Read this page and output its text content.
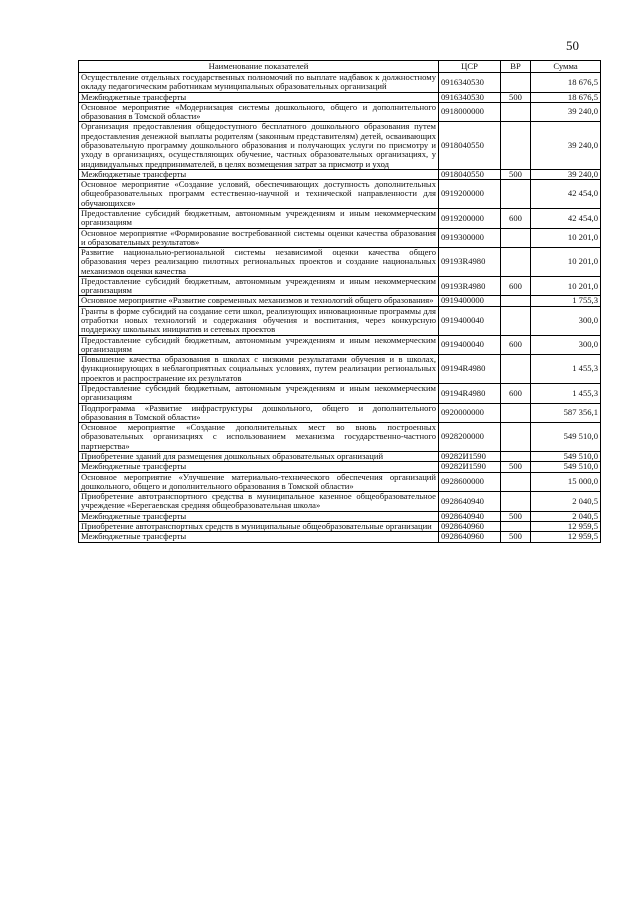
50
Наименование показателей	ЦСР	ВР	Сумма
Осуществление отдельных государственных полномочий по выплате надбавок к должностному окладу педагогическим работникам муниципальных образовательных организаций	0916340530		18 676,5
Межбюджетные трансферты	0916340530	500	18 676,5
Основное мероприятие «Модернизация системы дошкольного, общего и дополнительного образования в Томской области»	0918000000		39 240,0
Организация предоставления общедоступного бесплатного дошкольного образования путем предоставления денежной выплаты родителям (законным представителям) детей, осваивающих образовательную программу дошкольного образования и получающих услуги по присмотру и уходу в организациях, осуществляющих обучение, частных образовательных организациях, у индивидуальных предпринимателей, в целях возмещения затрат за присмотр и уход	0918040550		39 240,0
Межбюджетные трансферты	0918040550	500	39 240,0
Основное мероприятие «Создание условий, обеспечивающих доступность дополнительных общеобразовательных программ естественно-научной и технической направленности для обучающихся»	0919200000		42 454,0
Предоставление субсидий бюджетным, автономным учреждениям и иным некоммерческим организациям	0919200000	600	42 454,0
Основное мероприятие «Формирование востребованной системы оценки качества образования и образовательных результатов»	0919300000		10 201,0
Развитие национально-региональной системы независимой оценки качества общего образования через реализацию пилотных региональных проектов и создание национальных механизмов оценки качества	09193R4980		10 201,0
Предоставление субсидий бюджетным, автономным учреждениям и иным некоммерческим организациям	09193R4980	600	10 201,0
Основное мероприятие «Развитие современных механизмов и технологий общего образования»	0919400000		1 755,3
Гранты в форме субсидий на создание сети школ, реализующих инновационные программы для отработки новых технологий и содержания обучения и воспитания, через конкурсную поддержку школьных инициатив и сетевых проектов	0919400040		300,0
Предоставление субсидий бюджетным, автономным учреждениям и иным некоммерческим организациям	0919400040	600	300,0
Повышение качества образования в школах с низкими результатами обучения и в школах, функционирующих в неблагоприятных социальных условиях, путем реализации региональных проектов и распространение их результатов	09194R4980		1 455,3
Предоставление субсидий бюджетным, автономным учреждениям и иным некоммерческим организациям	09194R4980	600	1 455,3
Подпрограмма «Развитие инфраструктуры дошкольного, общего и дополнительного образования в Томской области»	0920000000		587 356,1
Основное мероприятие «Создание дополнительных мест во вновь построенных образовательных организациях с использованием механизма государственно-частного партнерства»	0928200000		549 510,0
Приобретение зданий для размещения дошкольных образовательных организаций	09282И1590		549 510,0
Межбюджетные трансферты	09282И1590	500	549 510,0
Основное мероприятие «Улучшение материально-технического обеспечения организаций дошкольного, общего и дополнительного образования в Томской области»	0928600000		15 000,0
Приобретение автотранспортного средства в муниципальное казенное общеобразовательное учреждение «Берегаевская средняя общеобразовательная школа»	0928640940		2 040,5
Межбюджетные трансферты	0928640940	500	2 040,5
Приобретение автотранспортных средств в муниципальные общеобразовательные организации	0928640960		12 959,5
Межбюджетные трансферты	0928640960	500	12 959,5
